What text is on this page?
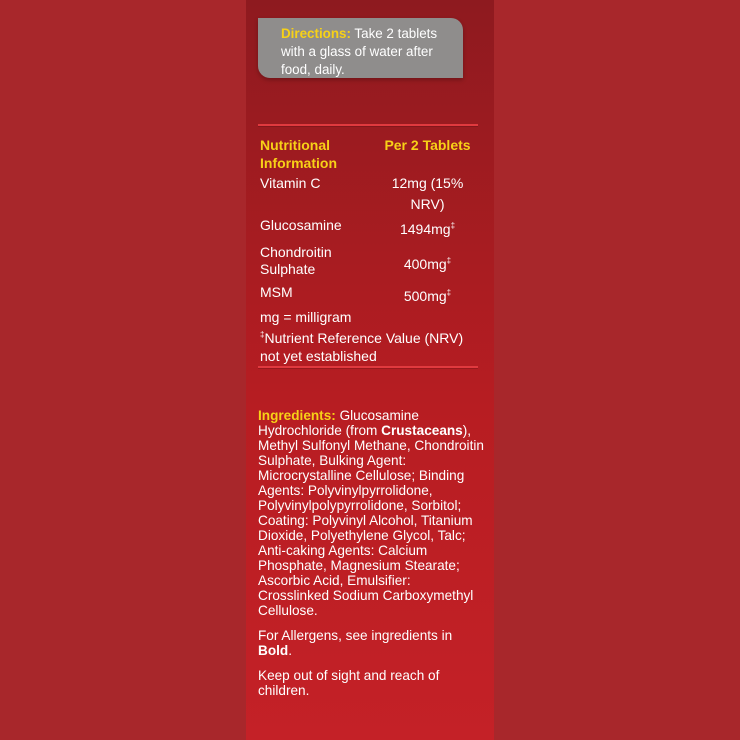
Directions: Take 2 tablets with a glass of water after food, daily.
Nutritional Information	Per 2 Tablets
Vitamin C	12mg (15% NRV)
Glucosamine	1494mg‡
Chondroitin Sulphate	400mg‡
MSM	500mg‡
mg = milligram
‡Nutrient Reference Value (NRV) not yet established

Ingredients: Glucosamine Hydrochloride (from Crustaceans), Methyl Sulfonyl Methane, Chondroitin Sulphate, Bulking Agent: Microcrystalline Cellulose; Binding Agents: Polyvinylpyrrolidone, Polyvinylpolypyrrolidone, Sorbitol; Coating: Polyvinyl Alcohol, Titanium Dioxide, Polyethylene Glycol, Talc; Anti-caking Agents: Calcium Phosphate, Magnesium Stearate; Ascorbic Acid, Emulsifier: Crosslinked Sodium Carboxymethyl Cellulose.

For Allergens, see ingredients in Bold.

Keep out of sight and reach of children.
